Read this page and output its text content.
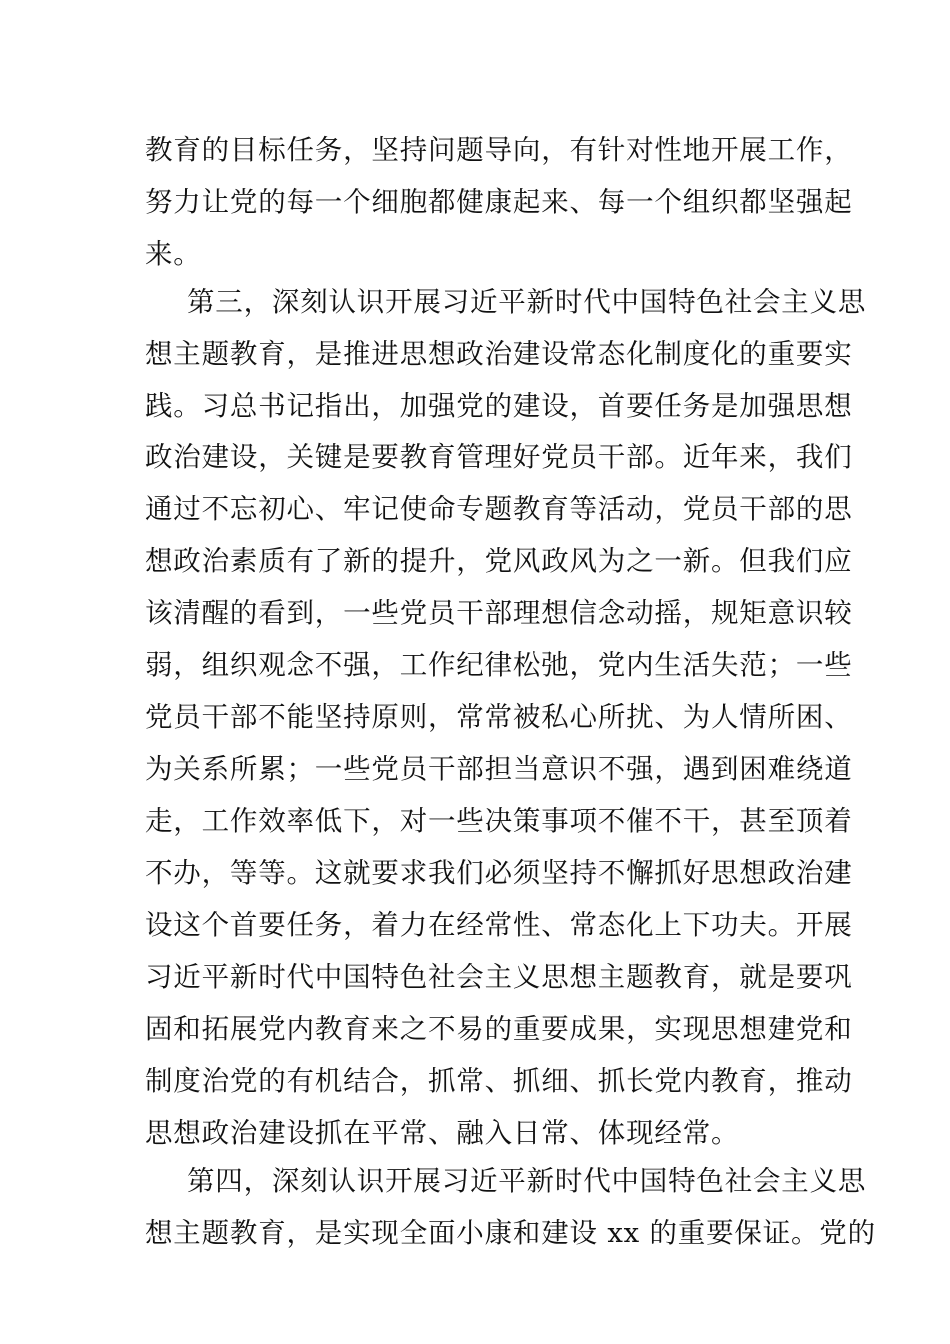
教育的目标任务，坚持问题导向，有针对性地开展工作，
努力让党的每一个细胞都健康起来、每一个组织都坚强起
来。
第三，深刻认识开展习近平新时代中国特色社会主义思
想主题教育，是推进思想政治建设常态化制度化的重要实
践。习总书记指出，加强党的建设，首要任务是加强思想
政治建设，关键是要教育管理好党员干部。近年来，我们
通过不忘初心、牢记使命专题教育等活动，党员干部的思
想政治素质有了新的提升，党风政风为之一新。但我们应
该清醒的看到，一些党员干部理想信念动摇，规矩意识较
弱，组织观念不强，工作纪律松弛，党内生活失范；一些
党员干部不能坚持原则，常常被私心所扰、为人情所困、
为关系所累；一些党员干部担当意识不强，遇到困难绕道
走，工作效率低下，对一些决策事项不催不干，甚至顶着
不办，等等。这就要求我们必须坚持不懈抓好思想政治建
设这个首要任务，着力在经常性、常态化上下功夫。开展
习近平新时代中国特色社会主义思想主题教育，就是要巩
固和拓展党内教育来之不易的重要成果，实现思想建党和
制度治党的有机结合，抓常、抓细、抓长党内教育，推动
思想政治建设抓在平常、融入日常、体现经常。
第四，深刻认识开展习近平新时代中国特色社会主义思
想主题教育，是实现全面小康和建设 xx 的重要保证。党的
